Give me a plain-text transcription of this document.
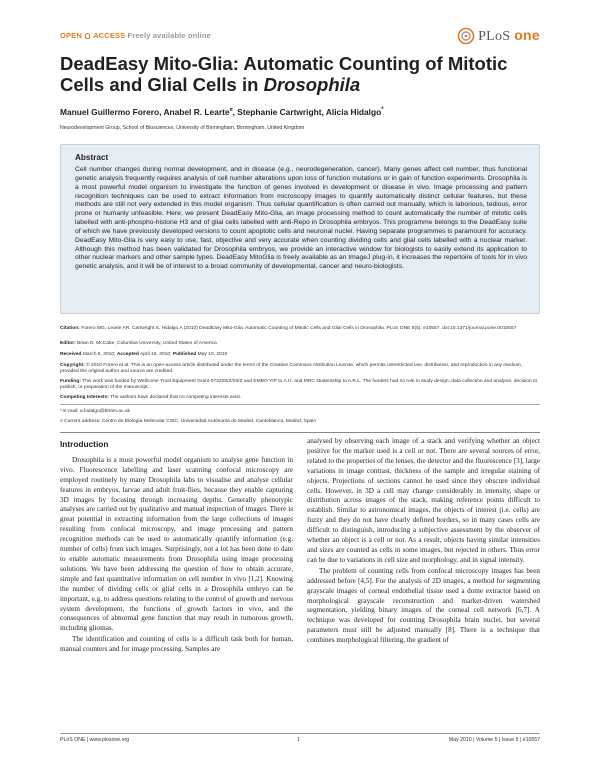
OPEN ACCESS Freely available online	PLoS one
DeadEasy Mito-Glia: Automatic Counting of Mitotic Cells and Glial Cells in Drosophila
Manuel Guillermo Forero, Anabel R. Learte¤, Stephanie Cartwright, Alicia Hidalgo*
Neurodevelopment Group, School of Biosciences, University of Birmingham, Birmingham, United Kingdom
Abstract
Cell number changes during normal development, and in disease (e.g., neurodegeneration, cancer). Many genes affect cell number, thus functional genetic analysis frequently requires analysis of cell number alterations upon loss of function mutations or in gain of function experiments. Drosophila is a most powerful model organism to investigate the function of genes involved in development or disease in vivo. Image processing and pattern recognition techniques can be used to extract information from microscopy images to quantify automatically distinct cellular features, but these methods are still not very extended in this model organism. Thus cellular quantification is often carried out manually, which is laborious, tedious, error prone or humanly unfeasible. Here, we present DeadEasy Mito-Glia, an image processing method to count automatically the number of mitotic cells labelled with anti-phospho-histone H3 and of glial cells labelled with anti-Repo in Drosophila embryos. This programme belongs to the DeadEasy suite of which we have previously developed versions to count apoptotic cells and neuronal nuclei. Having separate programmes is paramount for accuracy. DeadEasy Mito-Glia is very easy to use, fast, objective and very accurate when counting dividing cells and glial cells labelled with a nuclear marker. Although this method has been validated for Drosophila embryos, we provide an interactive window for biologists to easily extend its application to other nuclear markers and other sample types. DeadEasy MitoGlia is freely available as an ImageJ plug-in, it increases the repertoire of tools for in vivo genetic analysis, and it will be of interest to a broad community of developmental, cancer and neuro-biologists.
Citation: Forero MG, Learte AR, Cartwright S, Hidalgo A (2010) DeadEasy Mito-Glia: Automatic Counting of Mitotic Cells and Glial Cells in Drosophila. PLoS ONE 5(5): e10557. doi:10.1371/journal.pone.0010557
Editor: Brian D. McCabe, Columbia University, United States of America
Received March 5, 2010; Accepted April 19, 2010; Published May 10, 2010
Copyright: © 2010 Forero et al. This is an open-access article distributed under the terms of the Creative Commons Attribution License, which permits unrestricted use, distribution, and reproduction in any medium, provided the original author and source are credited.
Funding: This work was funded by Wellcome Trust Equipment Grant 073228/Z/03/Z and EMBO YIP to A.H. and MRC studentship to A.R.L. The funders had no role in study design, data collection and analysis, decision to publish, or preparation of the manuscript.
Competing Interests: The authors have declared that no competing interests exist.
* E-mail: a.hidalgo@bham.ac.uk
¤ Current address: Centro de Biología Molecular CSIC, Universidad Autónoma de Madrid, Cantoblanco, Madrid, Spain
Introduction

Drosophila is a most powerful model organism to analyse gene function in vivo. Fluorescence labelling and laser scanning confocal microscopy are employed routinely by many Drosophila labs to visualise and analyse cellular features in embryos, larvae and adult fruit-flies, because they enable capturing 3D images by focusing through increasing depths. Generally phenotypic analyses are carried out by qualitative and manual inspection of images. There is great potential in extracting information from the large collections of images resulting from confocal microscopy, and image processing and pattern recognition methods can be used to automatically quantify information (e.g. number of cells) from such images. Surprisingly, not a lot has been done to date to enable automatic measurements from Drosophila using image processing solutions. We have been addressing the question of how to obtain accurate, simple and fast quantitative information on cell number in vivo [1,2]. Knowing the number of dividing cells or glial cells in a Drosophila embryo can be important, e.g. to address questions relating to the control of growth and nervous system development, the functions of growth factors in vivo, and the consequences of abnormal gene function that may result in tumorous growth, including gliomas.

The identification and counting of cells is a difficult task both for human, manual counters and for image processing. Samples are

analysed by observing each image of a stack and verifying whether an object positive for the marker used is a cell or not. There are several sources of error, related to the properties of the lenses, the detector and the fluorescence [3], large variations in image contrast, thickness of the sample and irregular staining of objects. Projections of sections cannot be used since they obscure individual cells. However, in 3D a cell may change considerably in intensity, shape or distribution across images of the stack, making reference points difficult to establish. Similar to astronomical images, the objects of interest (i.e. cells) are fuzzy and they do not have clearly defined borders, so in many cases cells are difficult to distinguish, introducing a subjective assessment by the observer of whether an object is a cell or not. As a result, objects having similar intensities and sizes are counted as cells in some images, but rejected in others. Thus error can be due to variations in cell size and morphology, and in signal intensity.

The problem of counting cells from confocal microscopy images has been addressed before [4,5]. For the analysis of 2D images, a method for segmenting grayscale images of corneal endothelial tissue used a dome extractor based on morphological grayscale reconstruction and marker-driven watershed segmentation, yielding binary images of the corneal cell network [6,7]. A technique was developed for counting Drosophila brain nuclei, but several parameters must still be adjusted manually [8]. There is a technique that combines morphological filtering, the gradient of

PLoS ONE | www.plosone.org	1	May 2010 | Volume 5 | Issue 5 | e10557
